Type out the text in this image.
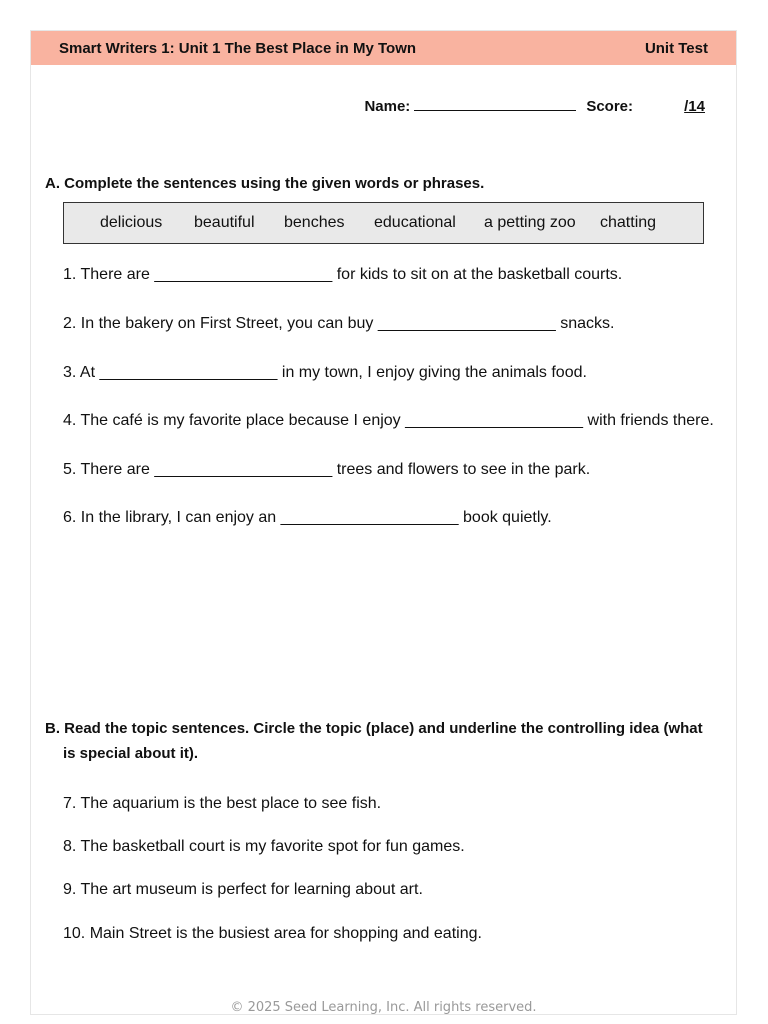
Smart Writers 1: Unit 1 The Best Place in My Town	Unit Test
Name:	Score:	/14
A. Complete the sentences using the given words or phrases.
delicious	beautiful	benches	educational	a petting zoo	chatting
1. There are ____________________ for kids to sit on at the basketball courts.
2. In the bakery on First Street, you can buy ____________________ snacks.
3. At ____________________ in my town, I enjoy giving the animals food.
4. The café is my favorite place because I enjoy ____________________ with friends there.
5. There are ____________________ trees and flowers to see in the park.
6. In the library, I can enjoy an ____________________ book quietly.
B. Read the topic sentences. Circle the topic (place) and underline the controlling idea (what
is special about it).
7. The aquarium is the best place to see fish.
8. The basketball court is my favorite spot for fun games.
9. The art museum is perfect for learning about art.
10. Main Street is the busiest area for shopping and eating.
© 2025 Seed Learning, Inc. All rights reserved.
